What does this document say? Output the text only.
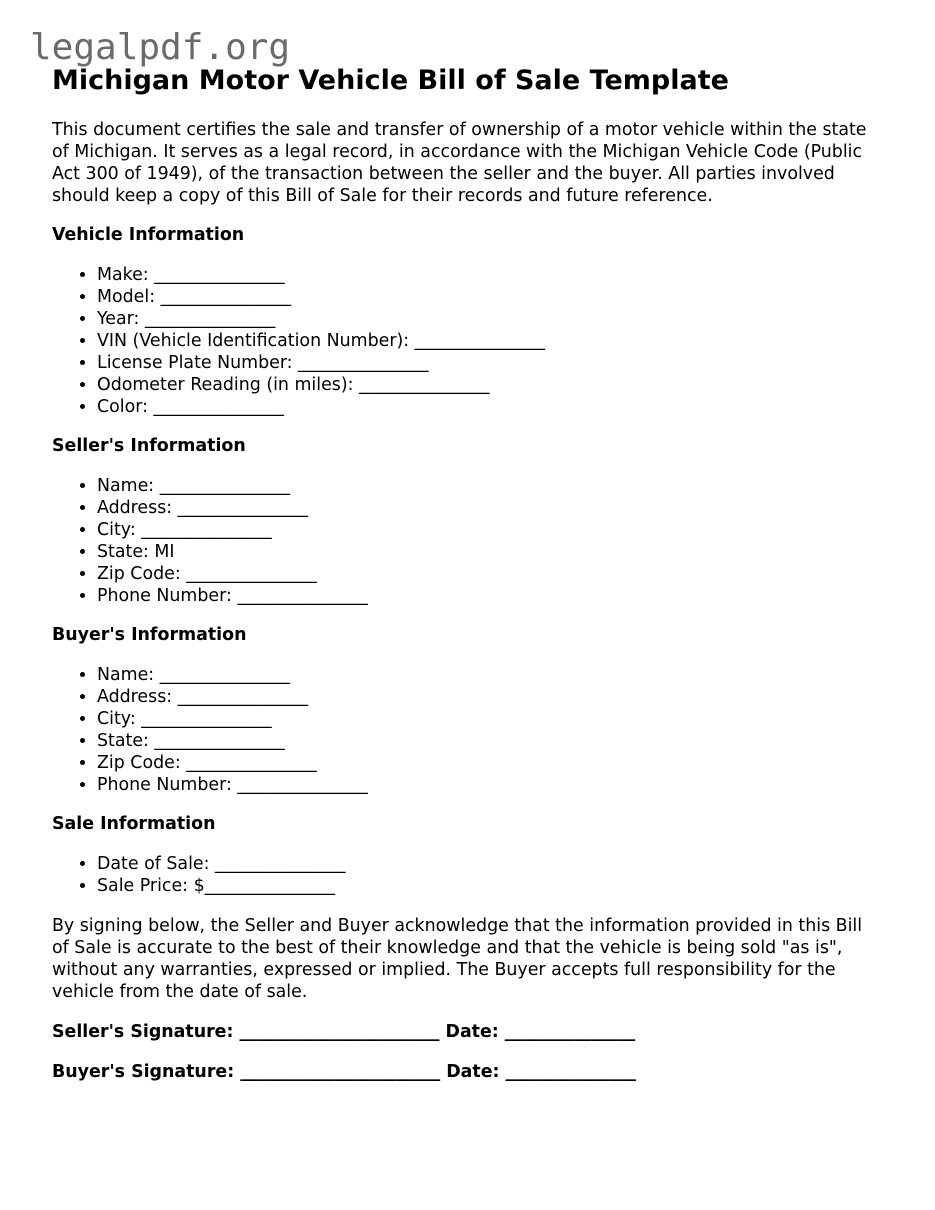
legalpdf.org
Michigan Motor Vehicle Bill of Sale Template

This document certifies the sale and transfer of ownership of a motor vehicle within the state of Michigan. It serves as a legal record, in accordance with the Michigan Vehicle Code (Public Act 300 of 1949), of the transaction between the seller and the buyer. All parties involved should keep a copy of this Bill of Sale for their records and future reference.

Vehicle Information
• Make: _______________
• Model: _______________
• Year: _______________
• VIN (Vehicle Identification Number): _______________
• License Plate Number: _______________
• Odometer Reading (in miles): _______________
• Color: _______________
Seller's Information
• Name: _______________
• Address: _______________
• City: _______________
• State: MI
• Zip Code: _______________
• Phone Number: _______________
Buyer's Information
• Name: _______________
• Address: _______________
• City: _______________
• State: _______________
• Zip Code: _______________
• Phone Number: _______________
Sale Information
• Date of Sale: _______________
• Sale Price: $_______________

By signing below, the Seller and Buyer acknowledge that the information provided in this Bill of Sale is accurate to the best of their knowledge and that the vehicle is being sold "as is", without any warranties, expressed or implied. The Buyer accepts full responsibility for the vehicle from the date of sale.

Seller's Signature: _______________________ Date: _______________

Buyer's Signature: _______________________ Date: _______________
